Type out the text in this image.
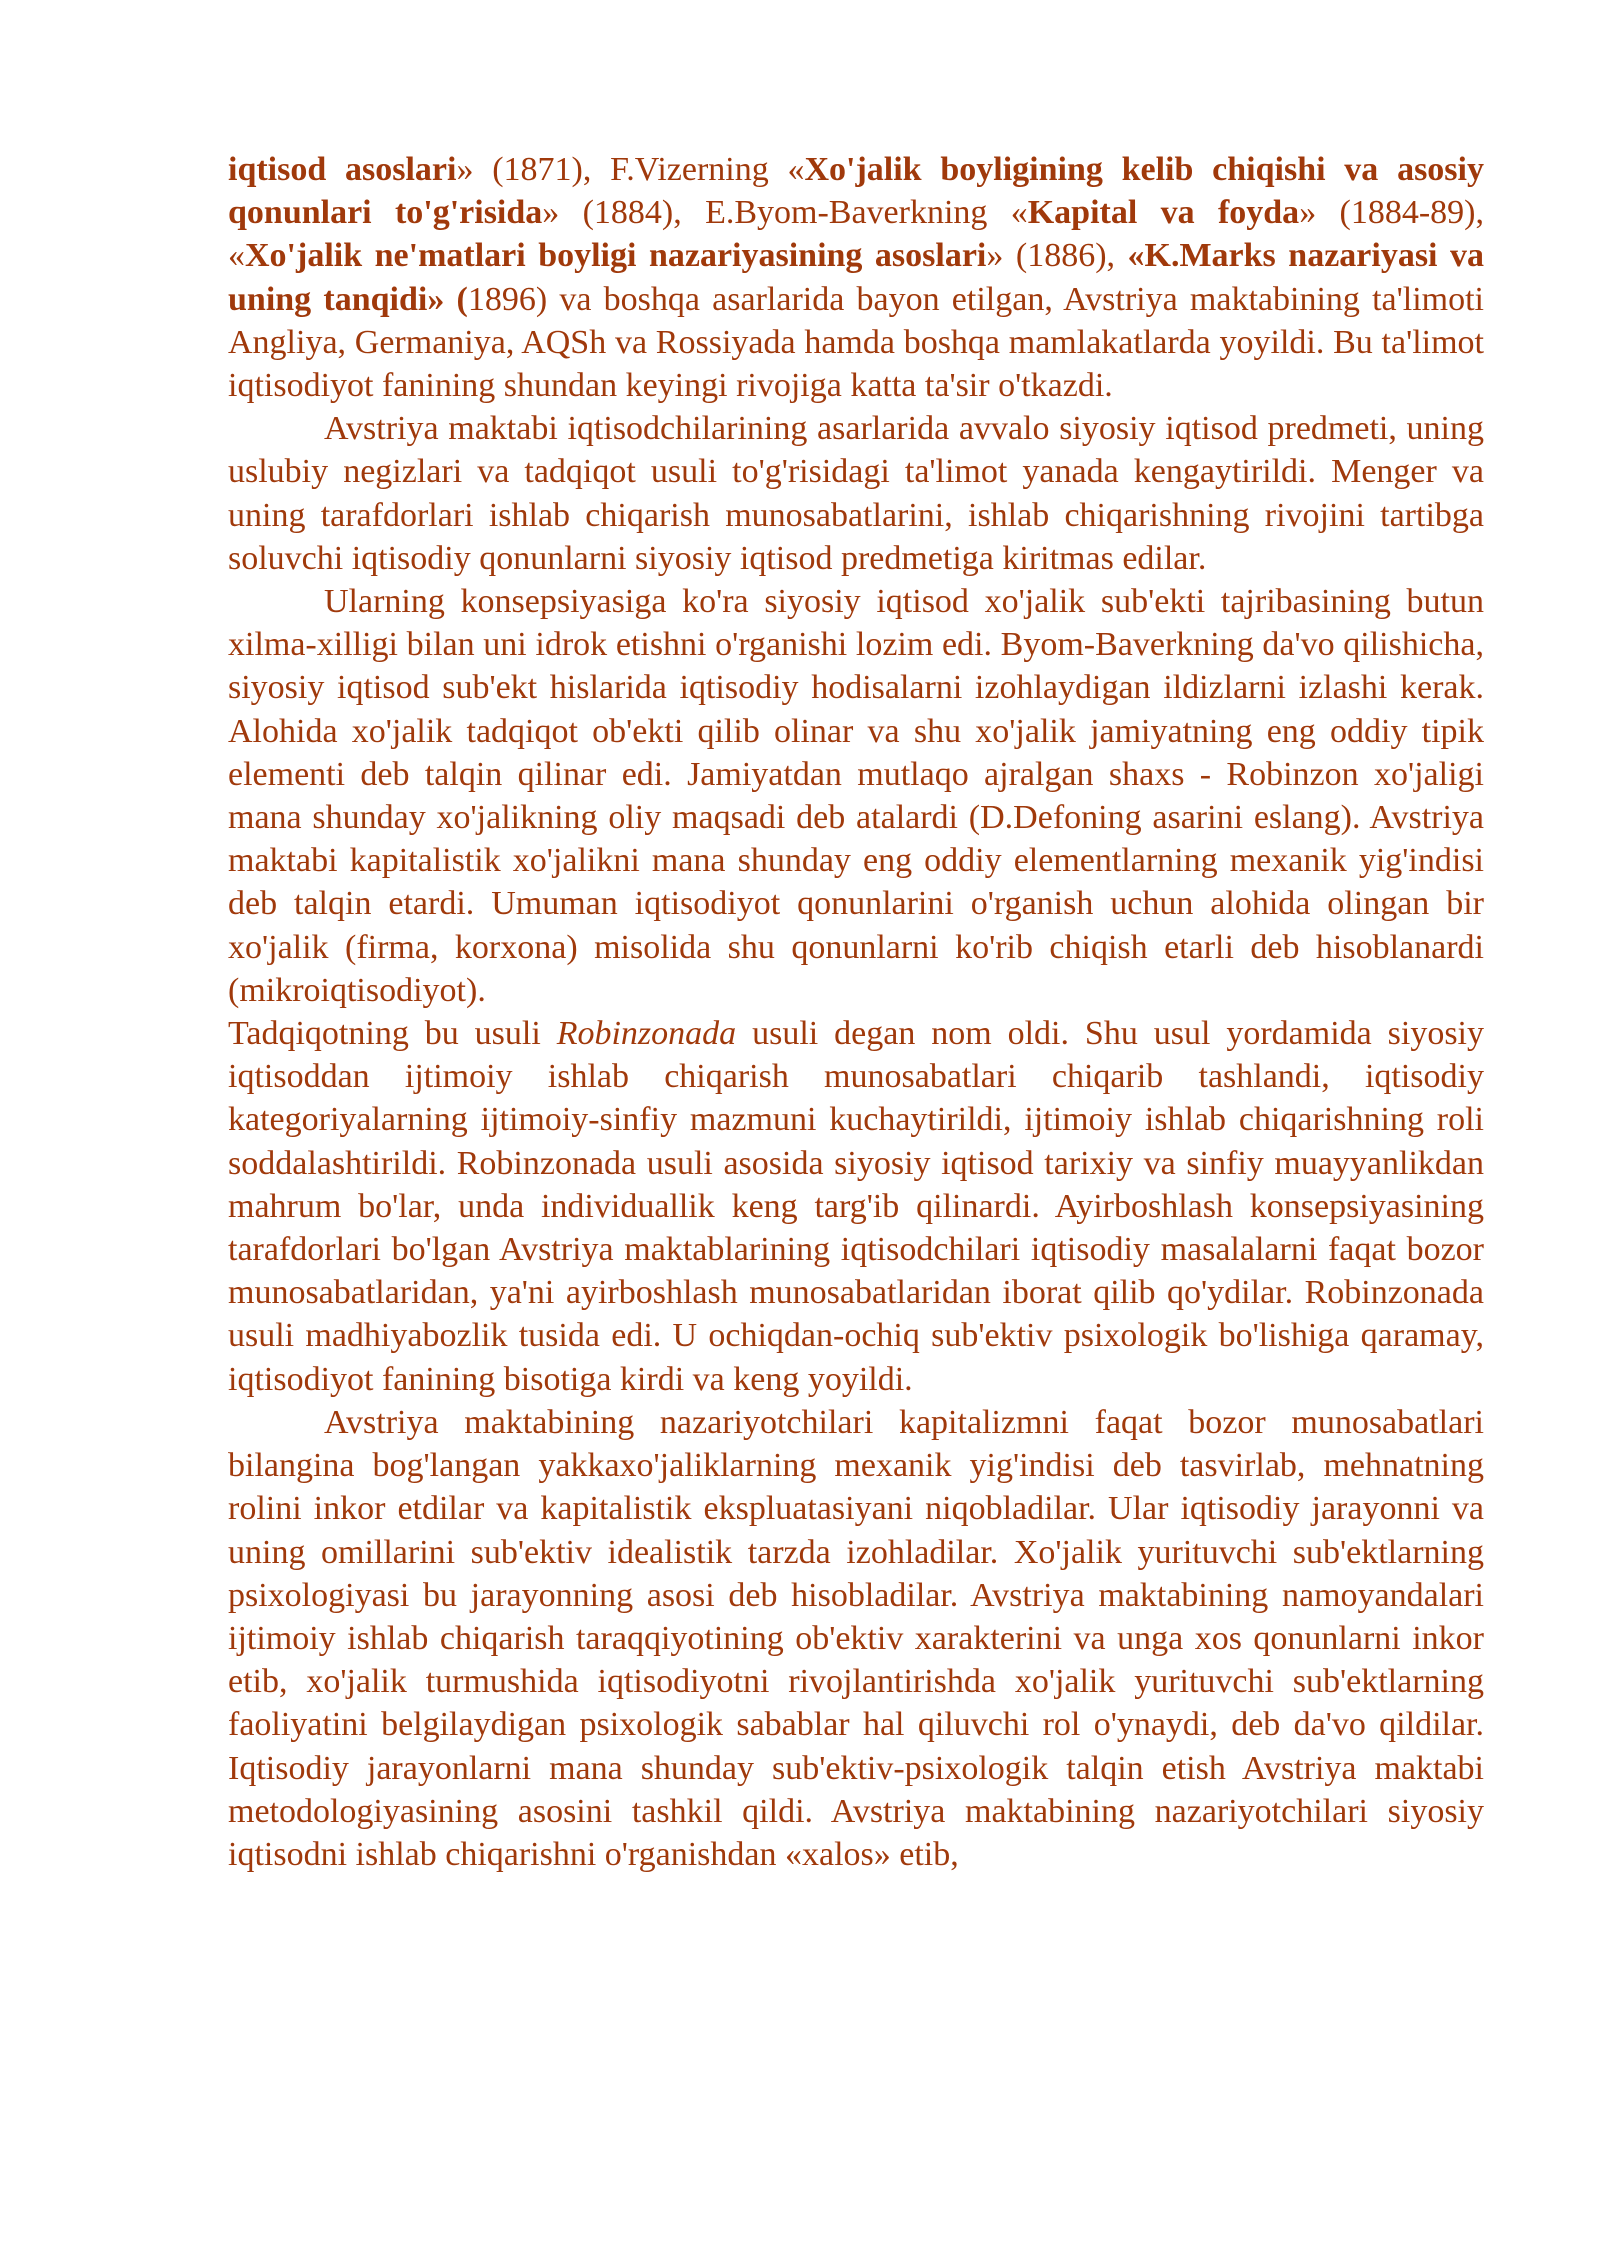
iqtisod asoslari» (1871), F.Vizerning «Xo'jalik boyligining kelib chiqishi va asosiy qonunlari to'g'risida» (1884), E.Byom-Baverkning «Kapital va foyda» (1884-89), «Xo'jalik ne'matlari boyligi nazariyasining asoslari» (1886), «K.Marks nazariyasi va uning tanqidi» (1896) va boshqa asarlarida bayon etilgan, Avstriya maktabining ta'limoti Angliya, Germaniya, AQSh va Rossiyada hamda boshqa mamlakatlarda yoyildi. Bu ta'limot iqtisodiyot fanining shundan keyingi rivojiga katta ta'sir o'tkazdi.

Avstriya maktabi iqtisodchilarining asarlarida avvalo siyosiy iqtisod predmeti, uning uslubiy negizlari va tadqiqot usuli to'g'risidagi ta'limot yanada kengaytirildi. Menger va uning tarafdorlari ishlab chiqarish munosabatlarini, ishlab chiqarishning rivojini tartibga soluvchi iqtisodiy qonunlarni siyosiy iqtisod predmetiga kiritmas edilar.

Ularning konsepsiyasiga ko'ra siyosiy iqtisod xo'jalik sub'ekti tajribasining butun xilma-xilligi bilan uni idrok etishni o'rganishi lozim edi. Byom-Baverkning da'vo qilishicha, siyosiy iqtisod sub'ekt hislarida iqtisodiy hodisalarni izohlaydigan ildizlarni izlashi kerak. Alohida xo'jalik tadqiqot ob'ekti qilib olinar va shu xo'jalik jamiyatning eng oddiy tipik elementi deb talqin qilinar edi. Jamiyatdan mutlaqo ajralgan shaxs - Robinzon xo'jaligi mana shunday xo'jalikning oliy maqsadi deb atalardi (D.Defoning asarini eslang). Avstriya maktabi kapitalistik xo'jalikni mana shunday eng oddiy elementlarning mexanik yig'indisi deb talqin etardi. Umuman iqtisodiyot qonunlarini o'rganish uchun alohida olingan bir xo'jalik (firma, korxona) misolida shu qonunlarni ko'rib chiqish etarli deb hisoblanardi (mikroiqtisodiyot).

Tadqiqotning bu usuli Robinzonada usuli degan nom oldi. Shu usul yordamida siyosiy iqtisoddan ijtimoiy ishlab chiqarish munosabatlari chiqarib tashlandi, iqtisodiy kategoriyalarning ijtimoiy-sinfiy mazmuni kuchaytirildi, ijtimoiy ishlab chiqarishning roli soddalashtirildi. Robinzonada usuli asosida siyosiy iqtisod tarixiy va sinfiy muayyanlikdan mahrum bo'lar, unda individuallik keng targ'ib qilinardi. Ayirboshlash konsepsiyasining tarafdorlari bo'lgan Avstriya maktablarining iqtisodchilari iqtisodiy masalalarni faqat bozor munosabatlaridan, ya'ni ayirboshlash munosabatlaridan iborat qilib qo'ydilar. Robinzonada usuli madhiyabozlik tusida edi. U ochiqdan-ochiq sub'ektiv psixologik bo'lishiga qaramay, iqtisodiyot fanining bisotiga kirdi va keng yoyildi.

Avstriya maktabining nazariyotchilari kapitalizmni faqat bozor munosabatlari bilangina bog'langan yakkaxo'jaliklarning mexanik yig'indisi deb tasvirlab, mehnatning rolini inkor etdilar va kapitalistik ekspluatasiyani niqobladilar. Ular iqtisodiy jarayonni va uning omillarini sub'ektiv idealistik tarzda izohladilar. Xo'jalik yurituvchi sub'ektlarning psixologiyasi bu jarayonning asosi deb hisobladilar. Avstriya maktabining namoyandalari ijtimoiy ishlab chiqarish taraqqiyotining ob'ektiv xarakterini va unga xos qonunlarni inkor etib, xo'jalik turmushida iqtisodiyotni rivojlantirishda xo'jalik yurituvchi sub'ektlarning faoliyatini belgilaydigan psixologik sabablar hal qiluvchi rol o'ynaydi, deb da'vo qildilar. Iqtisodiy jarayonlarni mana shunday sub'ektiv-psixologik talqin etish Avstriya maktabi metodologiyasining asosini tashkil qildi. Avstriya maktabining nazariyotchilari siyosiy iqtisodni ishlab chiqarishni o'rganishdan «xalos» etib,
